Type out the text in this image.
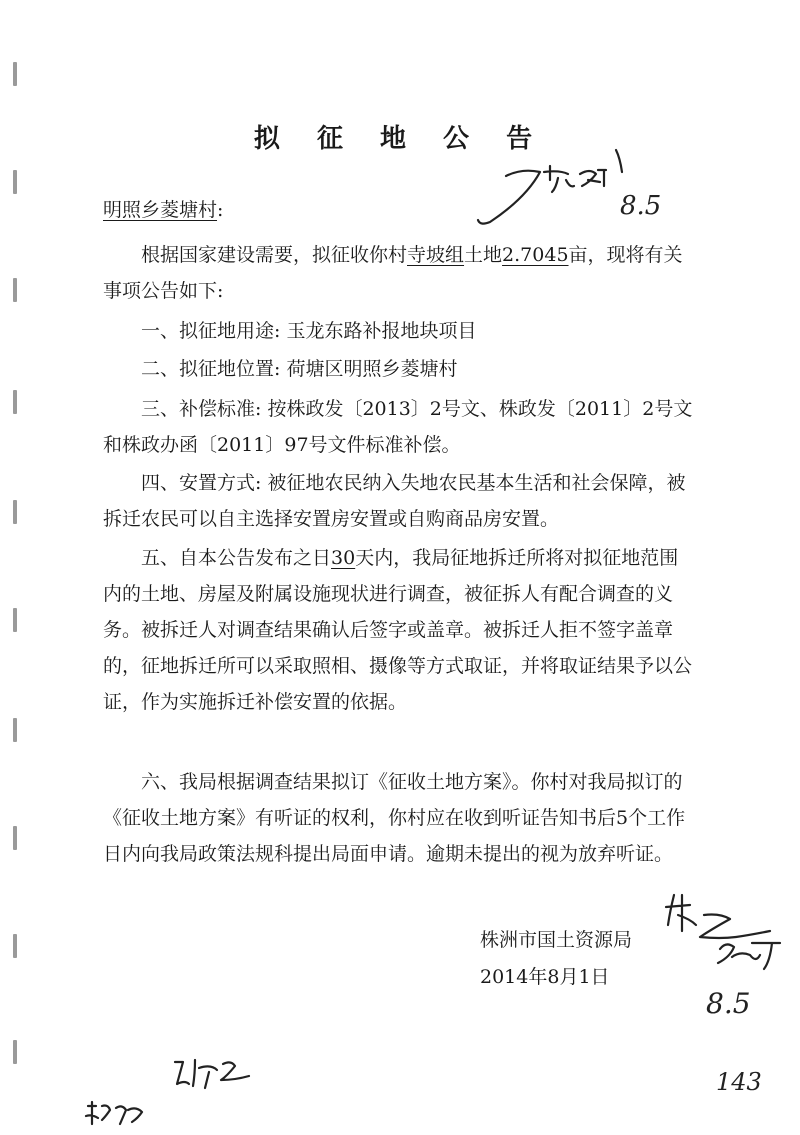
拟 征 地 公 告
明照乡菱塘村:

根据国家建设需要，拟征收你村寺坡组土地2.7045亩，现将有关事项公告如下:

一、拟征地用途: 玉龙东路补报地块项目

二、拟征地位置: 荷塘区明照乡菱塘村

三、补偿标准: 按株政发〔2013〕2号文、株政发〔2011〕2号文和株政办函〔2011〕97号文件标准补偿。

四、安置方式: 被征地农民纳入失地农民基本生活和社会保障，被拆迁农民可以自主选择安置房安置或自购商品房安置。

五、自本公告发布之日30天内，我局征地拆迁所将对拟征地范围内的土地、房屋及附属设施现状进行调查，被征拆人有配合调查的义务。被拆迁人对调查结果确认后签字或盖章。被拆迁人拒不签字盖章的，征地拆迁所可以采取照相、摄像等方式取证，并将取证结果予以公证，作为实施拆迁补偿安置的依据。

六、我局根据调查结果拟订《征收土地方案》。你村对我局拟订的《征收土地方案》有听证的权利，你村应在收到听证告知书后5个工作日内向我局政策法规科提出局面申请。逾期未提出的视为放弃听证。

株洲市国土资源局
2014年8月1日
8.5
8.5
143
